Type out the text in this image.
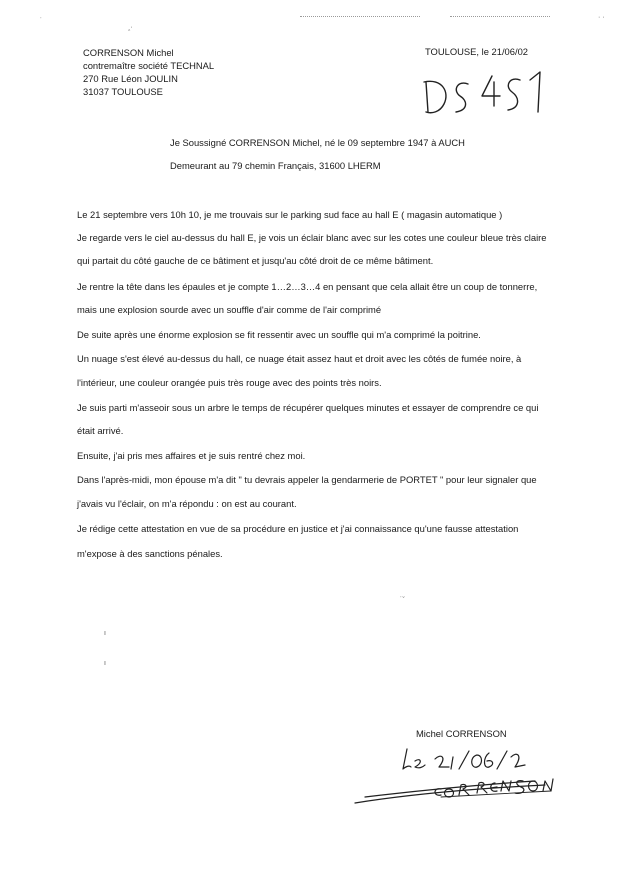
ꞈ·
˙
· ·
CORRENSON Michel
contremaître société TECHNAL
270 Rue Léon JOULIN
31037 TOULOUSE
TOULOUSE, le 21/06/02
Je Soussigné CORRENSON Michel, né le 09 septembre 1947 à AUCH
Demeurant au 79 chemin Français, 31600 LHERM
Le 21 septembre vers 10h 10, je me trouvais sur le parking sud face au hall E ( magasin automatique )
Je regarde vers le ciel au-dessus du hall E, je vois un éclair blanc avec sur les cotes une couleur bleue très claire
qui partait du côté gauche de ce bâtiment et jusqu'au côté droit de ce même bâtiment.
Je rentre la tête dans les épaules et je compte 1…2…3…4 en pensant que cela allait être un coup de tonnerre,
mais une explosion sourde avec un souffle d'air comme de l'air comprimé
De suite après une énorme explosion se fit ressentir avec un souffle qui m'a comprimé la poitrine.
Un nuage s'est élevé au-dessus du hall, ce nuage était assez haut et droit avec les côtés de fumée noire, à
l'intérieur, une couleur orangée puis très rouge avec des points très noirs.
Je suis parti m'asseoir sous un arbre le temps de récupérer quelques minutes et essayer de comprendre ce qui
était arrivé.
Ensuite, j'ai pris mes affaires et je suis rentré chez moi.
Dans l'après-midi, mon épouse m'a dit " tu devrais appeler la gendarmerie de PORTET " pour leur signaler que
j'avais vu l'éclair, on m'a répondu : on est au courant.
Je rédige cette attestation en vue de sa procédure en justice et j'ai connaissance qu'une fausse attestation
m'expose à des sanctions pénales.
˙ˇ
ı
ı
Michel CORRENSON
